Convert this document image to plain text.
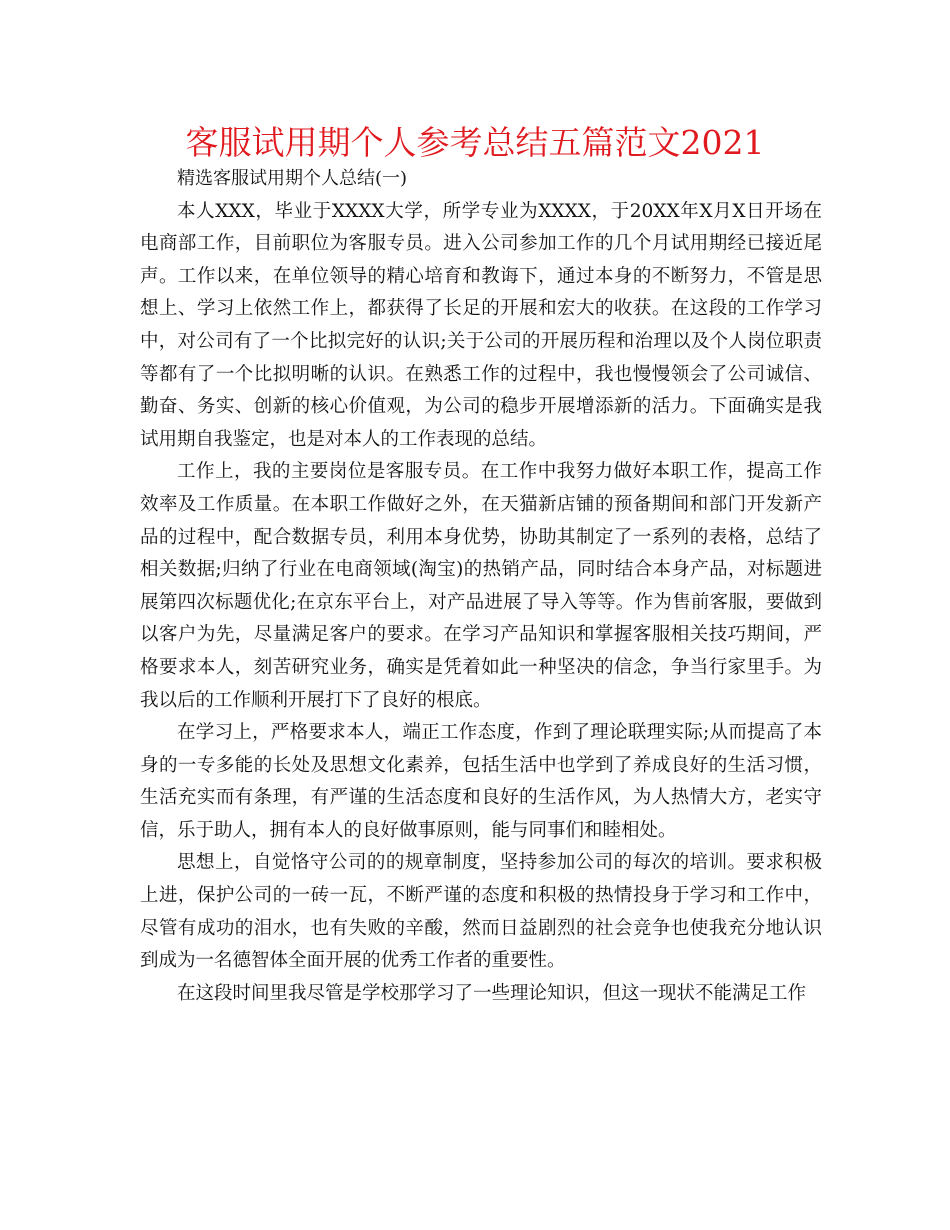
客服试用期个人参考总结五篇范文2021

精选客服试用期个人总结(一)

本人XXX，毕业于XXXX大学，所学专业为XXXX，于20XX年X月X日开场在电商部工作，目前职位为客服专员。进入公司参加工作的几个月试用期经已接近尾声。工作以来，在单位领导的精心培育和教诲下，通过本身的不断努力，不管是思想上、学习上依然工作上，都获得了长足的开展和宏大的收获。在这段的工作学习中，对公司有了一个比拟完好的认识;关于公司的开展历程和治理以及个人岗位职责等都有了一个比拟明晰的认识。在熟悉工作的过程中，我也慢慢领会了公司诚信、勤奋、务实、创新的核心价值观，为公司的稳步开展增添新的活力。下面确实是我试用期自我鉴定，也是对本人的工作表现的总结。

工作上，我的主要岗位是客服专员。在工作中我努力做好本职工作，提高工作效率及工作质量。在本职工作做好之外，在天猫新店铺的预备期间和部门开发新产品的过程中，配合数据专员，利用本身优势，协助其制定了一系列的表格，总结了相关数据;归纳了行业在电商领域(淘宝)的热销产品，同时结合本身产品，对标题进展第四次标题优化;在京东平台上，对产品进展了导入等等。作为售前客服，要做到以客户为先，尽量满足客户的要求。在学习产品知识和掌握客服相关技巧期间，严格要求本人，刻苦研究业务，确实是凭着如此一种坚决的信念，争当行家里手。为我以后的工作顺利开展打下了良好的根底。

在学习上，严格要求本人，端正工作态度，作到了理论联理实际;从而提高了本身的一专多能的长处及思想文化素养，包括生活中也学到了养成良好的生活习惯，生活充实而有条理，有严谨的生活态度和良好的生活作风，为人热情大方，老实守信，乐于助人，拥有本人的良好做事原则，能与同事们和睦相处。

思想上，自觉恪守公司的的规章制度，坚持参加公司的每次的培训。要求积极上进，保护公司的一砖一瓦，不断严谨的态度和积极的热情投身于学习和工作中，尽管有成功的泪水，也有失败的辛酸，然而日益剧烈的社会竞争也使我充分地认识到成为一名德智体全面开展的优秀工作者的重要性。

在这段时间里我尽管是学校那学习了一些理论知识，但这一现状不能满足工作
